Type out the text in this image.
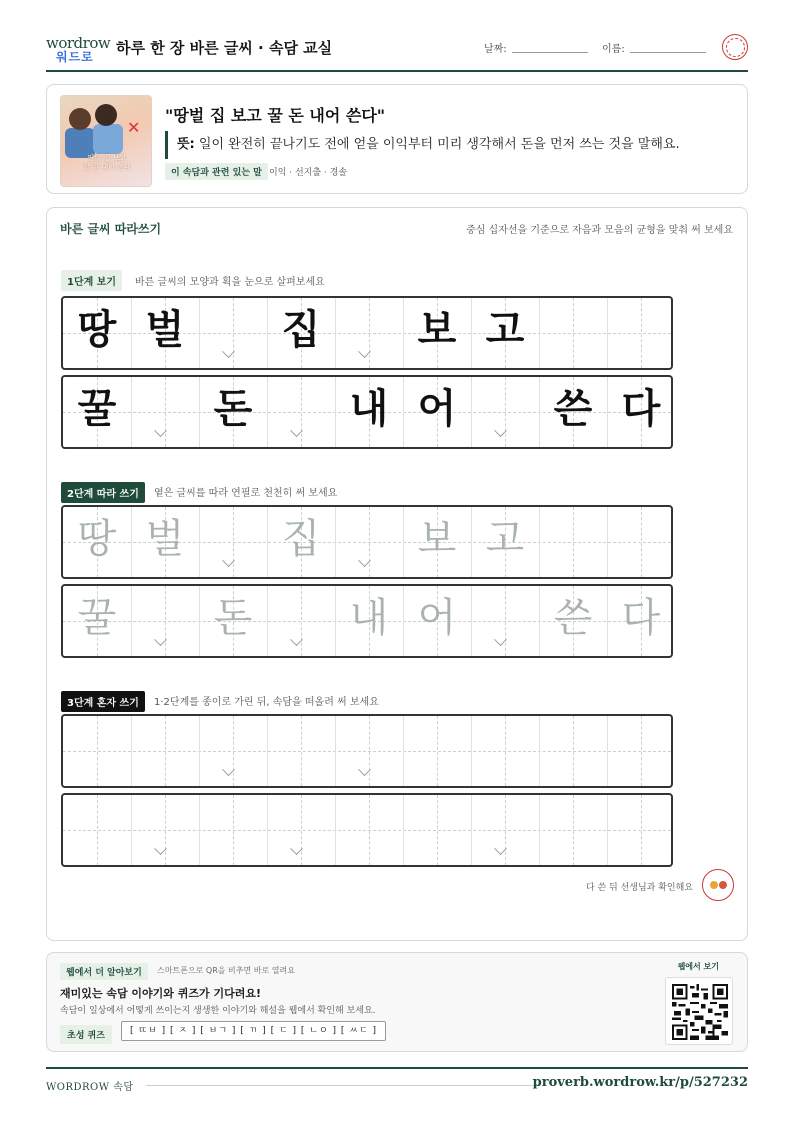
wordrow
워드로 하루 한 장 바른 글씨 · 속담 교실	날짜:	이름:
✕
땅벌 집 보고
꿀 돈 내어 쓴다
"땅벌 집 보고 꿀 돈 내어 쓴다"
뜻: 일이 완전히 끝나기도 전에 얻을 이익부터 미리 생각해서 돈을 먼저 쓰는 것을 말해요.
이 속담과 관련 있는 말 이익 · 선지출 · 경솔
바른 글씨 따라쓰기	중심 십자선을 기준으로 자음과 모음의 균형을 맞춰 써 보세요
1단계 보기	바른 글씨의 모양과 획을 눈으로 살펴보세요
땅 벌	집	보 고
꿀	돈	내 어	쓴 다
2단계 따라 쓰기	옅은 글씨를 따라 연필로 천천히 써 보세요
땅 벌	집	보 고
꿀	돈	내 어	쓴 다
3단계 혼자 쓰기	1·2단계를 종이로 가린 뒤, 속담을 떠올려 써 보세요
다 쓴 뒤 선생님과 확인해요
웹에서 더 알아보기	스마트폰으로 QR을 비추면 바로 열려요
재미있는 속담 이야기와 퀴즈가 기다려요!
속담이 일상에서 어떻게 쓰이는지 생생한 이야기와 해설을 웹에서 확인해 보세요.
초성 퀴즈	[ ㄸㅂ ] [ ㅈ ] [ ㅂㄱ ] [ ㄲ ] [ ㄷ ] [ ㄴㅇ ] [ ㅆㄷ ]
웹에서 보기
WORDROW 속담	proverb.wordrow.kr/p/527232
